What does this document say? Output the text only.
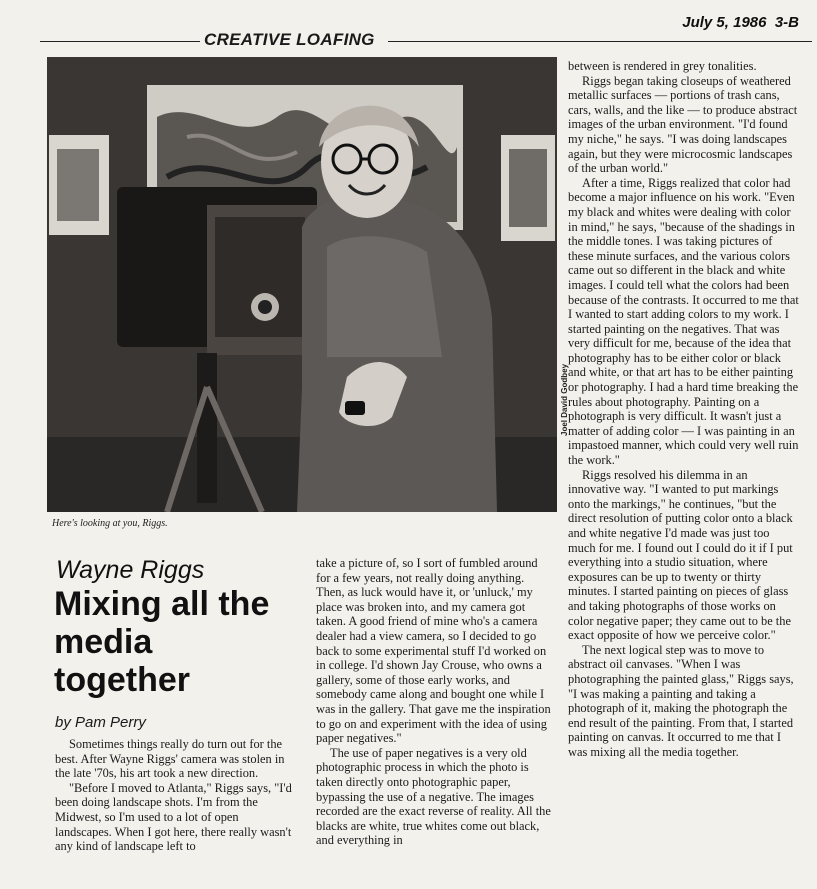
July 5, 1986 3-B
CREATIVE LOAFING
Joel David Godbey
Here's looking at you, Riggs.
Wayne Riggs
Mixing all the media together
by Pam Perry

Sometimes things really do turn out for the best. After Wayne Riggs' camera was stolen in the late '70s, his art took a new direction.

"Before I moved to Atlanta," Riggs says, "I'd been doing landscape shots. I'm from the Midwest, so I'm used to a lot of open landscapes. When I got here, there really wasn't any kind of landscape left to

take a picture of, so I sort of fumbled around for a few years, not really doing anything. Then, as luck would have it, or 'unluck,' my place was broken into, and my camera got taken. A good friend of mine who's a camera dealer had a view camera, so I decided to go back to some experimental stuff I'd worked on in college. I'd shown Jay Crouse, who owns a gallery, some of those early works, and somebody came along and bought one while I was in the gallery. That gave me the inspiration to go on and experiment with the idea of using paper negatives."

The use of paper negatives is a very old photographic process in which the photo is taken directly onto photographic paper, bypassing the use of a negative. The images recorded are the exact reverse of reality. All the blacks are white, true whites come out black, and everything in

between is rendered in grey tonalities.

Riggs began taking closeups of weathered metallic surfaces — portions of trash cans, cars, walls, and the like — to produce abstract images of the urban environment. "I'd found my niche," he says. "I was doing landscapes again, but they were microcosmic landscapes of the urban world."

After a time, Riggs realized that color had become a major influence on his work. "Even my black and whites were dealing with color in mind," he says, "because of the shadings in the middle tones. I was taking pictures of these minute surfaces, and the various colors came out so different in the black and white images. I could tell what the colors had been because of the contrasts. It occurred to me that I wanted to start adding colors to my work. I started painting on the negatives. That was very difficult for me, because of the idea that photography has to be either color or black and white, or that art has to be either painting or photography. I had a hard time breaking the rules about photography. Painting on a photograph is very difficult. It wasn't just a matter of adding color — I was painting in an impastoed manner, which could very well ruin the work."

Riggs resolved his dilemma in an innovative way. "I wanted to put markings onto the markings," he continues, "but the direct resolution of putting color onto a black and white negative I'd made was just too much for me. I found out I could do it if I put everything into a studio situation, where exposures can be up to twenty or thirty minutes. I started painting on pieces of glass and taking photographs of those works on color negative paper; they came out to be the exact opposite of how we perceive color."

The next logical step was to move to abstract oil canvases. "When I was photographing the painted glass," Riggs says, "I was making a painting and taking a photograph of it, making the photograph the end result of the painting. From that, I started painting on canvas. It occurred to me that I was mixing all the media together.
